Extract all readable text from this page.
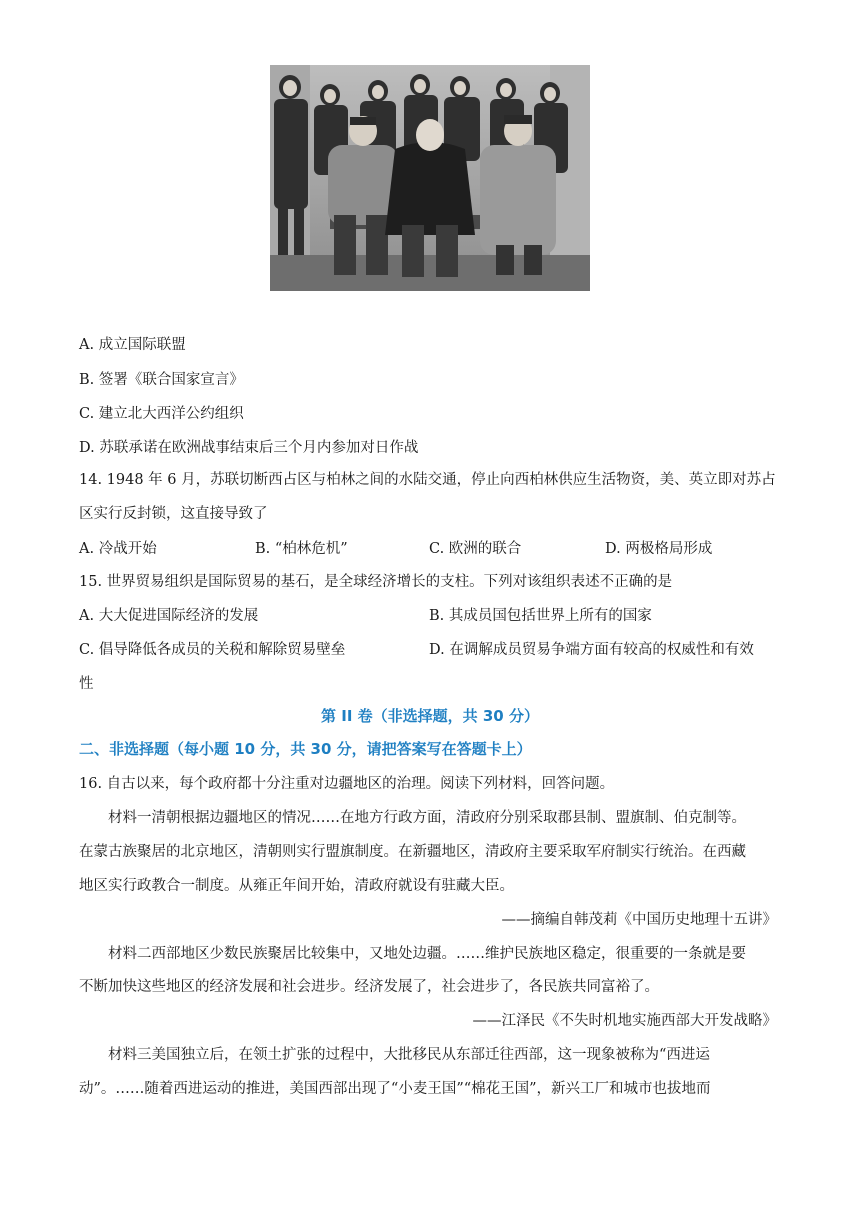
A. 成立国际联盟
B. 签署《联合国家宣言》
C. 建立北大西洋公约组织
D. 苏联承诺在欧洲战事结束后三个月内参加对日作战
14. 1948 年 6 月，苏联切断西占区与柏林之间的水陆交通，停止向西柏林供应生活物资，美、英立即对苏占
区实行反封锁，这直接导致了
A. 冷战开始	B. “柏林危机”	C. 欧洲的联合	D. 两极格局形成
15. 世界贸易组织是国际贸易的基石，是全球经济增长的支柱。下列对该组织表述不正确的是
A. 大大促进国际经济的发展	B. 其成员国包括世界上所有的国家
C. 倡导降低各成员的关税和解除贸易壁垒	D. 在调解成员贸易争端方面有较高的权威性和有效
性
第 II 卷（非选择题，共 30 分）
二、非选择题（每小题 10 分，共 30 分，请把答案写在答题卡上）
16. 自古以来，每个政府都十分注重对边疆地区的治理。阅读下列材料，回答问题。
材料一清朝根据边疆地区的情况……在地方行政方面，清政府分别采取郡县制、盟旗制、伯克制等。
在蒙古族聚居的北京地区，清朝则实行盟旗制度。在新疆地区，清政府主要采取军府制实行统治。在西藏
地区实行政教合一制度。从雍正年间开始，清政府就设有驻藏大臣。
——摘编自韩茂莉《中国历史地理十五讲》
材料二西部地区少数民族聚居比较集中，又地处边疆。……维护民族地区稳定，很重要的一条就是要
不断加快这些地区的经济发展和社会进步。经济发展了，社会进步了，各民族共同富裕了。
——江泽民《不失时机地实施西部大开发战略》
材料三美国独立后，在领土扩张的过程中，大批移民从东部迁往西部，这一现象被称为“西进运
动”。……随着西进运动的推进，美国西部出现了“小麦王国”“棉花王国”，新兴工厂和城市也拔地而
